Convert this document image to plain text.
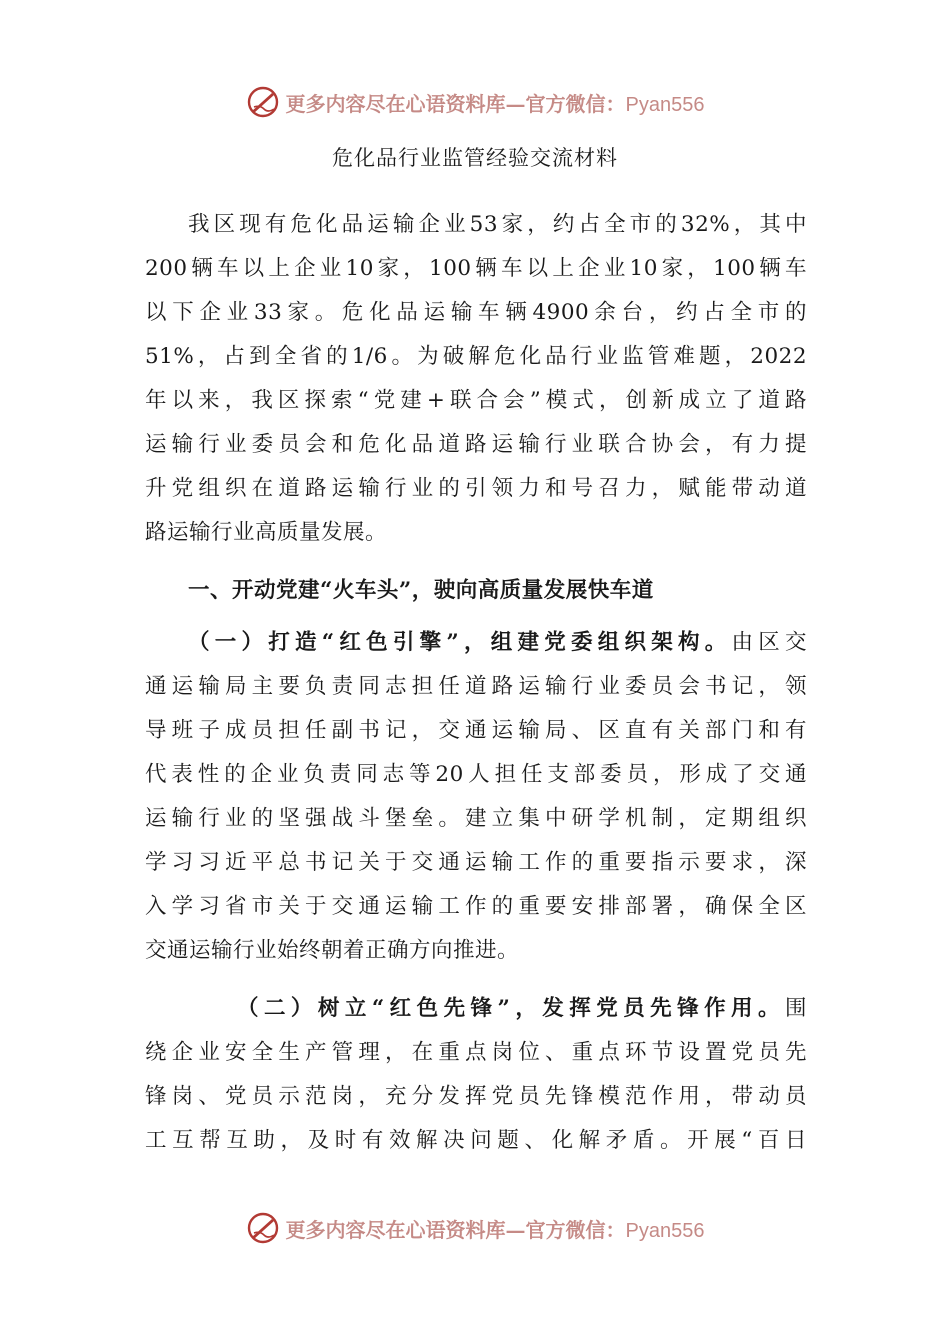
更多内容尽在心语资料库—官方微信：Pyan556
危化品行业监管经验交流材料
我区现有危化品运输企业53家，约占全市的32%，其中
200辆车以上企业10家，100辆车以上企业10家，100辆车
以下企业33家。危化品运输车辆4900余台，约占全市的
51%，占到全省的1/6。为破解危化品行业监管难题，2022
年以来，我区探索“党建+联合会”模式，创新成立了道路
运输行业委员会和危化品道路运输行业联合协会，有力提
升党组织在道路运输行业的引领力和号召力，赋能带动道
路运输行业高质量发展。
一、开动党建“火车头”，驶向高质量发展快车道
（一）打造“红色引擎”，组建党委组织架构。由区交
通运输局主要负责同志担任道路运输行业委员会书记，领
导班子成员担任副书记，交通运输局、区直有关部门和有
代表性的企业负责同志等20人担任支部委员，形成了交通
运输行业的坚强战斗堡垒。建立集中研学机制，定期组织
学习习近平总书记关于交通运输工作的重要指示要求，深
入学习省市关于交通运输工作的重要安排部署，确保全区
交通运输行业始终朝着正确方向推进。
（二）树立“红色先锋”，发挥党员先锋作用。围
绕企业安全生产管理，在重点岗位、重点环节设置党员先
锋岗、党员示范岗，充分发挥党员先锋模范作用，带动员
工互帮互助，及时有效解决问题、化解矛盾。开展“百日
更多内容尽在心语资料库—官方微信：Pyan556
